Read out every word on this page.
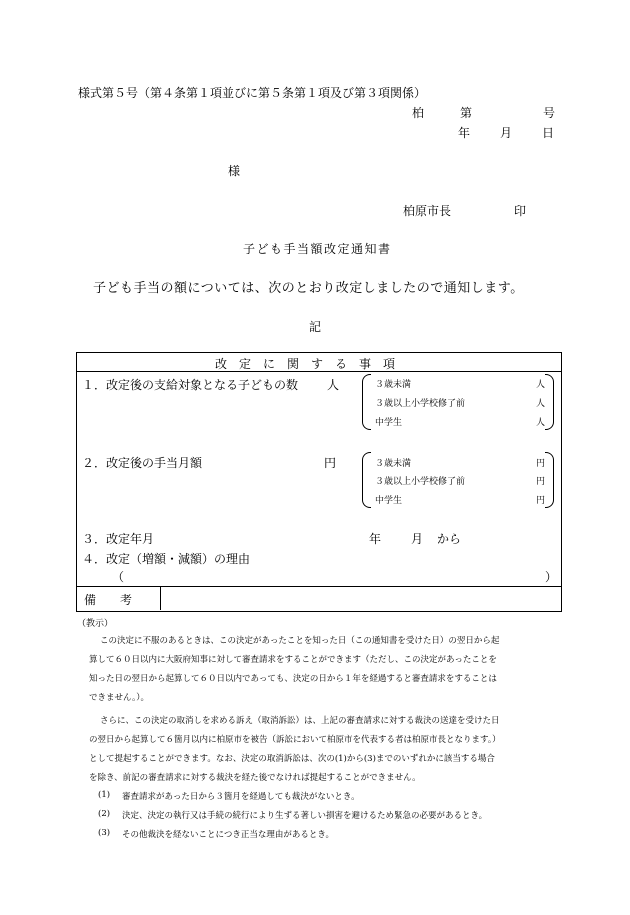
様式第５号（第４条第１項並びに第５条第１項及び第３項関係）
柏	第	号
年 月 日
様
柏原市長	印
子ども手当額改定通知書
子ども手当の額については、次のとおり改定しましたので通知します。
記
改　定　に　関　す　る　事　項
１．改定後の支給対象となる子どもの数 人	３歳未満	人
３歳以上小学校修了前	人
中学生	人
２．改定後の手当月額	円	３歳未満	円
３歳以上小学校修了前	円
中学生	円
３．改定年月	年 月 から
４．改定（増額・減額）の理由
（	）
備　　考
（教示）
この決定に不服のあるときは、この決定があったことを知った日（この通知書を受けた日）の翌日から起
算して６０日以内に大阪府知事に対して審査請求をすることができます（ただし、この決定があったことを
知った日の翌日から起算して６０日以内であっても、決定の日から１年を経過すると審査請求をすることは
できません。）。
さらに、この決定の取消しを求める訴え（取消訴訟）は、上記の審査請求に対する裁決の送達を受けた日
の翌日から起算して６箇月以内に柏原市を被告（訴訟において柏原市を代表する者は柏原市長となります。）
として提起することができます。なお、決定の取消訴訟は、次の(1)から(3)までのいずれかに該当する場合
を除き、前記の審査請求に対する裁決を経た後でなければ提起することができません。
(1) 審査請求があった日から３箇月を経過しても裁決がないとき。
(2) 決定、決定の執行又は手続の続行により生ずる著しい損害を避けるため緊急の必要があるとき。
(3) その他裁決を経ないことにつき正当な理由があるとき。
